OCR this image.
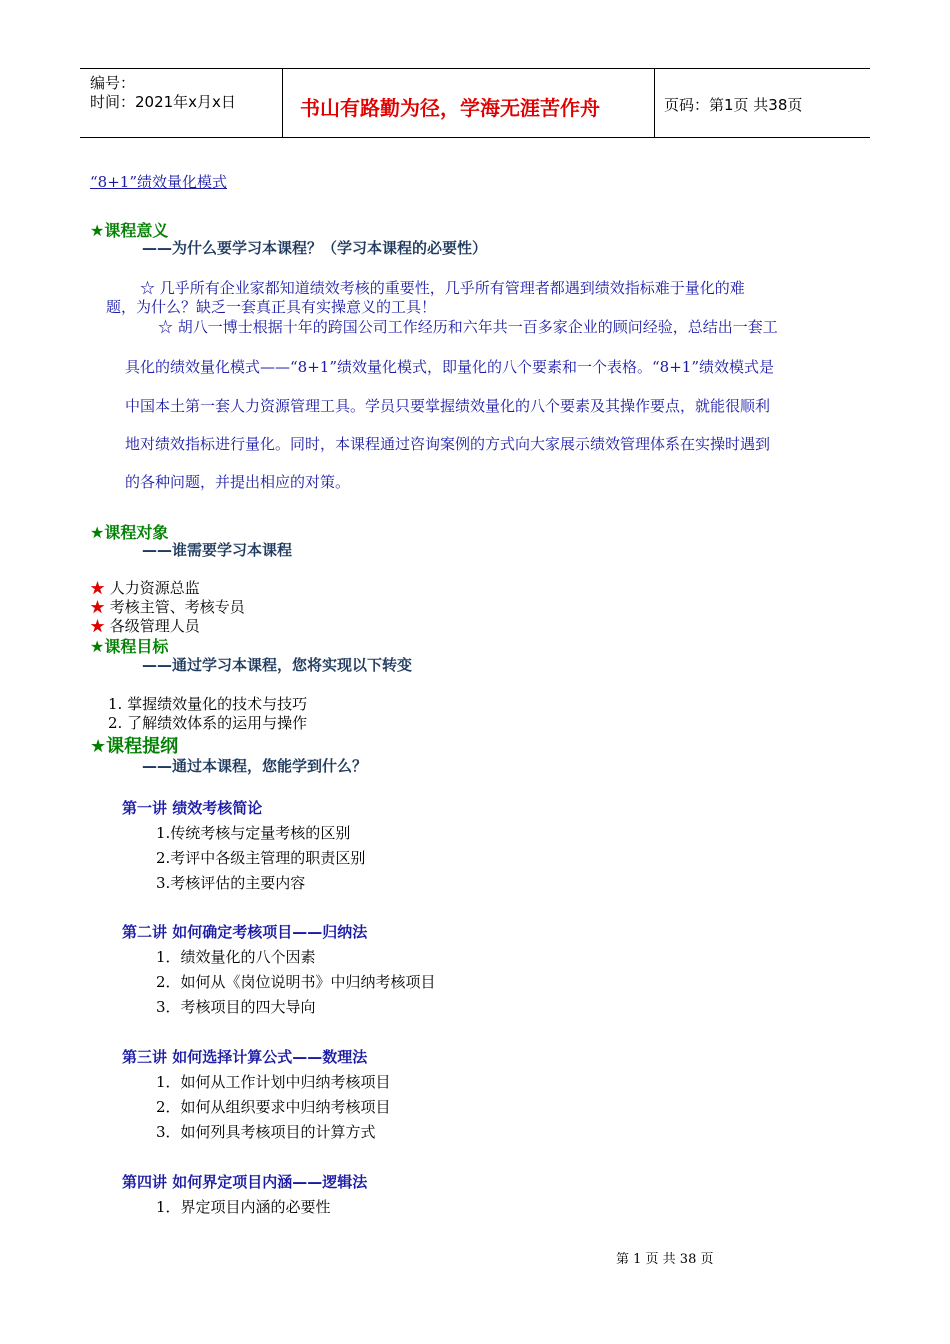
编号：
时间：2021年x月x日	书山有路勤为径，学海无涯苦作舟	页码：第1页 共38页
“8+1”绩效量化模式
★课程意义
——为什么要学习本课程？（学习本课程的必要性）
☆ 几乎所有企业家都知道绩效考核的重要性，几乎所有管理者都遇到绩效指标难于量化的难
题，为什么？缺乏一套真正具有实操意义的工具！
☆ 胡八一博士根据十年的跨国公司工作经历和六年共一百多家企业的顾问经验，总结出一套工
具化的绩效量化模式——“8+1”绩效量化模式，即量化的八个要素和一个表格。“8+1”绩效模式是
中国本土第一套人力资源管理工具。学员只要掌握绩效量化的八个要素及其操作要点，就能很顺利
地对绩效指标进行量化。同时，本课程通过咨询案例的方式向大家展示绩效管理体系在实操时遇到
的各种问题，并提出相应的对策。
★课程对象
——谁需要学习本课程
★ 人力资源总监
★ 考核主管、考核专员
★ 各级管理人员
★课程目标
——通过学习本课程，您将实现以下转变
1. 掌握绩效量化的技术与技巧
2. 了解绩效体系的运用与操作
★课程提纲
——通过本课程，您能学到什么？
第一讲 绩效考核简论
1.传统考核与定量考核的区别
2.考评中各级主管理的职责区别
3.考核评估的主要内容
第二讲 如何确定考核项目——归纳法
1．绩效量化的八个因素
2．如何从《岗位说明书》中归纳考核项目
3．考核项目的四大导向
第三讲 如何选择计算公式——数理法
1．如何从工作计划中归纳考核项目
2．如何从组织要求中归纳考核项目
3．如何列具考核项目的计算方式
第四讲 如何界定项目内涵——逻辑法
1．界定项目内涵的必要性
第 1 页 共 38 页
